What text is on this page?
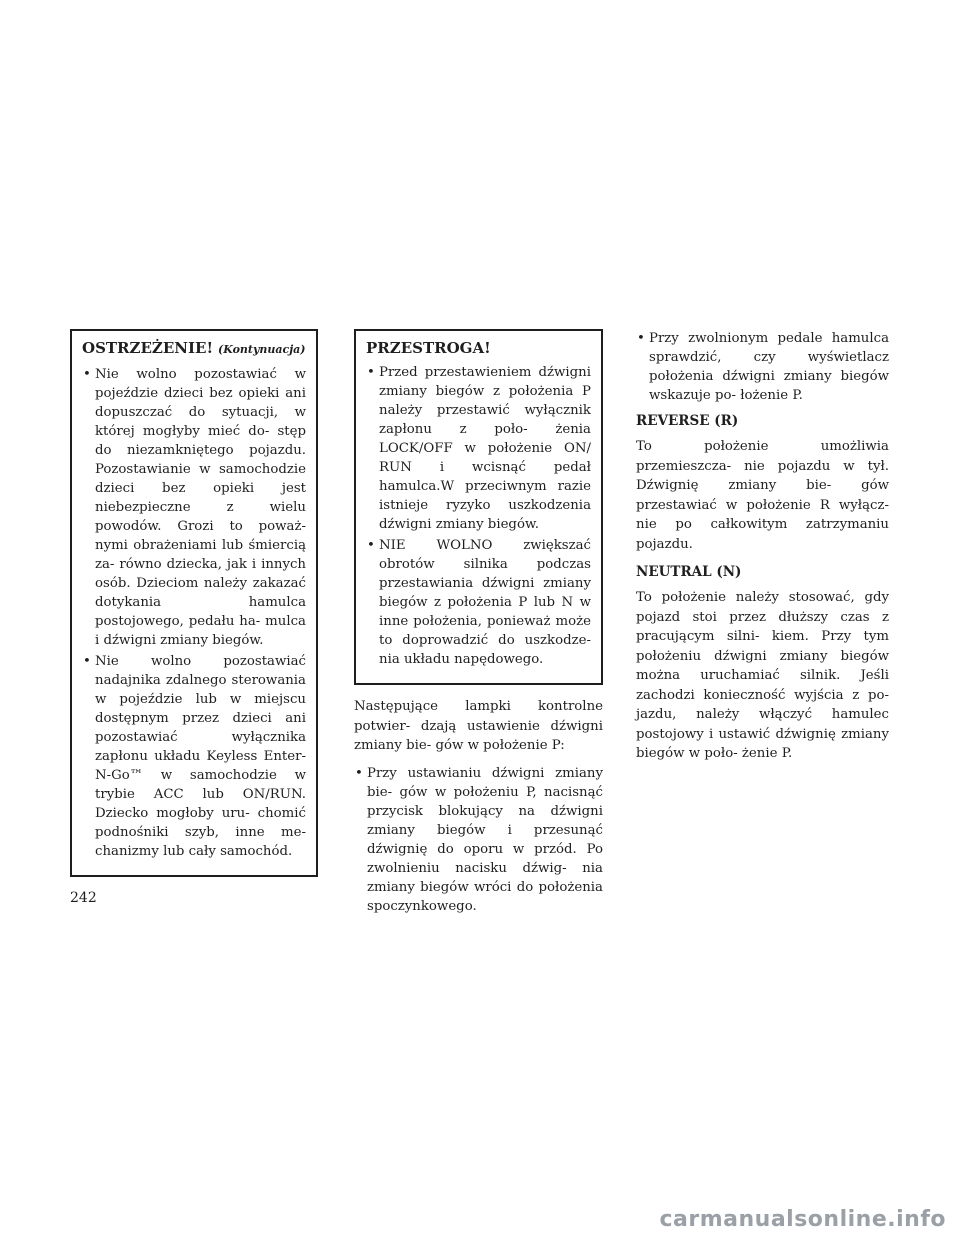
OSTRZEŻENIE! (Kontynuacja)
• Nie wolno pozostawiać w pojeździe dzieci bez opieki ani dopuszczać do sytuacji, w której mogłyby mieć do- stęp do niezamkniętego pojazdu. Pozostawianie w samochodzie dzieci bez opieki jest niebezpieczne z wielu powodów. Grozi to poważ- nymi obrażeniami lub śmiercią za- równo dziecka, jak i innych osób. Dzieciom należy zakazać dotykania hamulca postojowego, pedału ha- mulca i dźwigni zmiany biegów.
• Nie wolno pozostawiać nadajnika zdalnego sterowania w pojeździe lub w miejscu dostępnym przez dzieci ani pozostawiać wyłącznika zapłonu układu Keyless Enter-N-Go™ w samochodzie w trybie ACC lub ON/RUN. Dziecko mogłoby uru- chomić podnośniki szyb, inne me- chanizmy lub cały samochód.
PRZESTROGA!
• Przed przestawieniem dźwigni zmiany biegów z położenia P należy przestawić wyłącznik zapłonu z poło- żenia LOCK/OFF w położenie ON/ RUN i wcisnąć pedał hamulca.W przeciwnym razie istnieje ryzyko uszkodzenia dźwigni zmiany biegów.
• NIE WOLNO zwiększać obrotów silnika podczas przestawiania dźwigni zmiany biegów z położenia P lub N w inne położenia, ponieważ może to doprowadzić do uszkodze- nia układu napędowego.

Następujące lampki kontrolne potwier- dzają ustawienie dźwigni zmiany bie- gów w położenie P:

• Przy ustawianiu dźwigni zmiany bie- gów w położeniu P, nacisnąć przycisk blokujący na dźwigni zmiany biegów i przesunąć dźwignię do oporu w przód. Po zwolnieniu nacisku dźwig- nia zmiany biegów wróci do położenia spoczynkowego.
• Przy zwolnionym pedale hamulca sprawdzić, czy wyświetlacz położenia dźwigni zmiany biegów wskazuje po- łożenie P.
REVERSE (R)

To położenie umożliwia przemieszcza- nie pojazdu w tył. Dźwignię zmiany bie- gów przestawiać w położenie R wyłącz- nie po całkowitym zatrzymaniu pojazdu.

NEUTRAL (N)

To położenie należy stosować, gdy pojazd stoi przez dłuższy czas z pracującym silni- kiem. Przy tym położeniu dźwigni zmiany biegów można uruchamiać silnik. Jeśli zachodzi konieczność wyjścia z po- jazdu, należy włączyć hamulec postojowy i ustawić dźwignię zmiany biegów w poło- żenie P.

242
carmanualsonline.info
